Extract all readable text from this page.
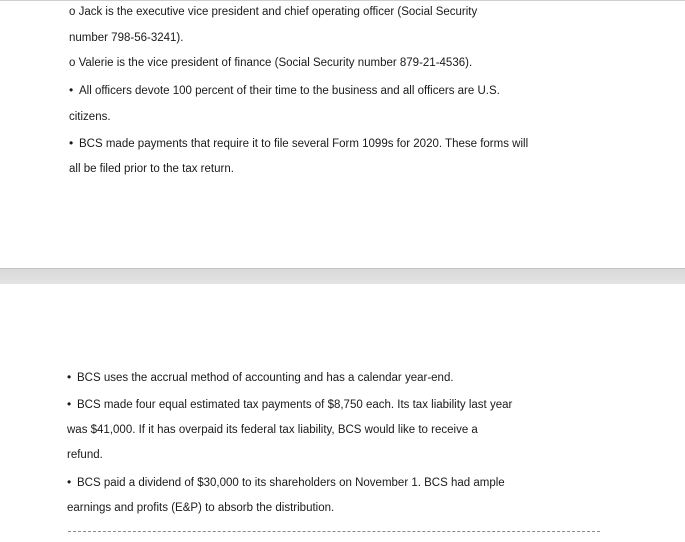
o Jack is the executive vice president and chief operating officer (Social Security
number 798-56-3241).
o Valerie is the vice president of finance (Social Security number 879-21-4536).
• All officers devote 100 percent of their time to the business and all officers are U.S.
citizens.
• BCS made payments that require it to file several Form 1099s for 2020. These forms will
all be filed prior to the tax return.
• BCS uses the accrual method of accounting and has a calendar year-end.
• BCS made four equal estimated tax payments of $8,750 each. Its tax liability last year
was $41,000. If it has overpaid its federal tax liability, BCS would like to receive a
refund.
• BCS paid a dividend of $30,000 to its shareholders on November 1. BCS had ample
earnings and profits (E&P) to absorb the distribution.
